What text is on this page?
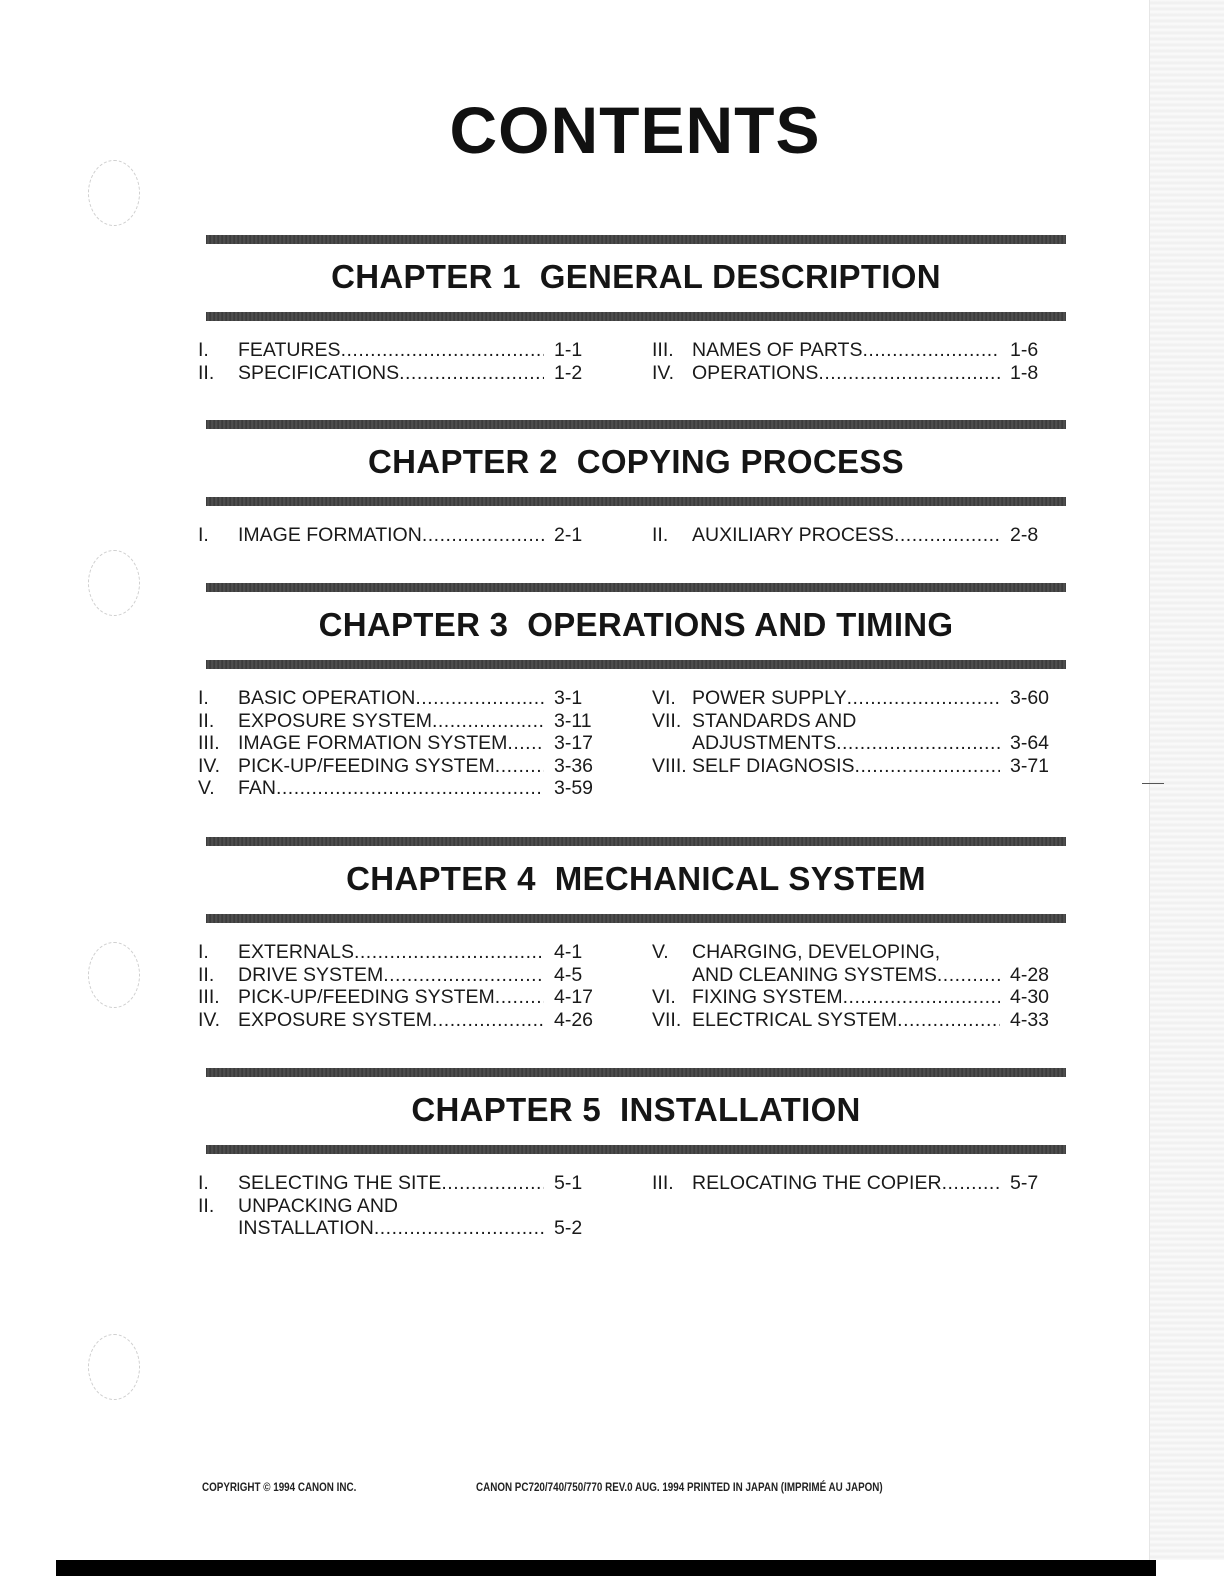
CONTENTS
CHAPTER 1  GENERAL DESCRIPTION
I.	FEATURES .....	1-1
II.	SPECIFICATIONS .....	1-2
III. NAMES OF PARTS .....	1-6
IV. OPERATIONS .....	1-8
CHAPTER 2  COPYING PROCESS
I.	IMAGE FORMATION .....	2-1	II.	AUXILIARY PROCESS .....	2-8
CHAPTER 3  OPERATIONS AND TIMING
I.	BASIC OPERATION .....	3-1
II.	EXPOSURE SYSTEM .....	3-11
III. IMAGE FORMATION SYSTEM .....	3-17
IV. PICK-UP/FEEDING SYSTEM .....	3-36
V.	FAN .....	3-59
VI. POWER SUPPLY .....	3-60
VII. STANDARDS AND
ADJUSTMENTS .....	3-64
VIII. SELF DIAGNOSIS .....	3-71
CHAPTER 4  MECHANICAL SYSTEM
I.	EXTERNALS .....	4-1
II.	DRIVE SYSTEM .....	4-5
III. PICK-UP/FEEDING SYSTEM .....	4-17
IV. EXPOSURE SYSTEM .....	4-26
V.	CHARGING, DEVELOPING,
AND CLEANING SYSTEMS .....	4-28
VI. FIXING SYSTEM .....	4-30
VII. ELECTRICAL SYSTEM .....	4-33
CHAPTER 5  INSTALLATION
I.	SELECTING THE SITE .....	5-1
II.	UNPACKING AND
INSTALLATION .....	5-2
III. RELOCATING THE COPIER .....	5-7
COPYRIGHT © 1994 CANON INC.	CANON PC720/740/750/770 REV.0 AUG. 1994 PRINTED IN JAPAN (IMPRIMÉ AU JAPON)
